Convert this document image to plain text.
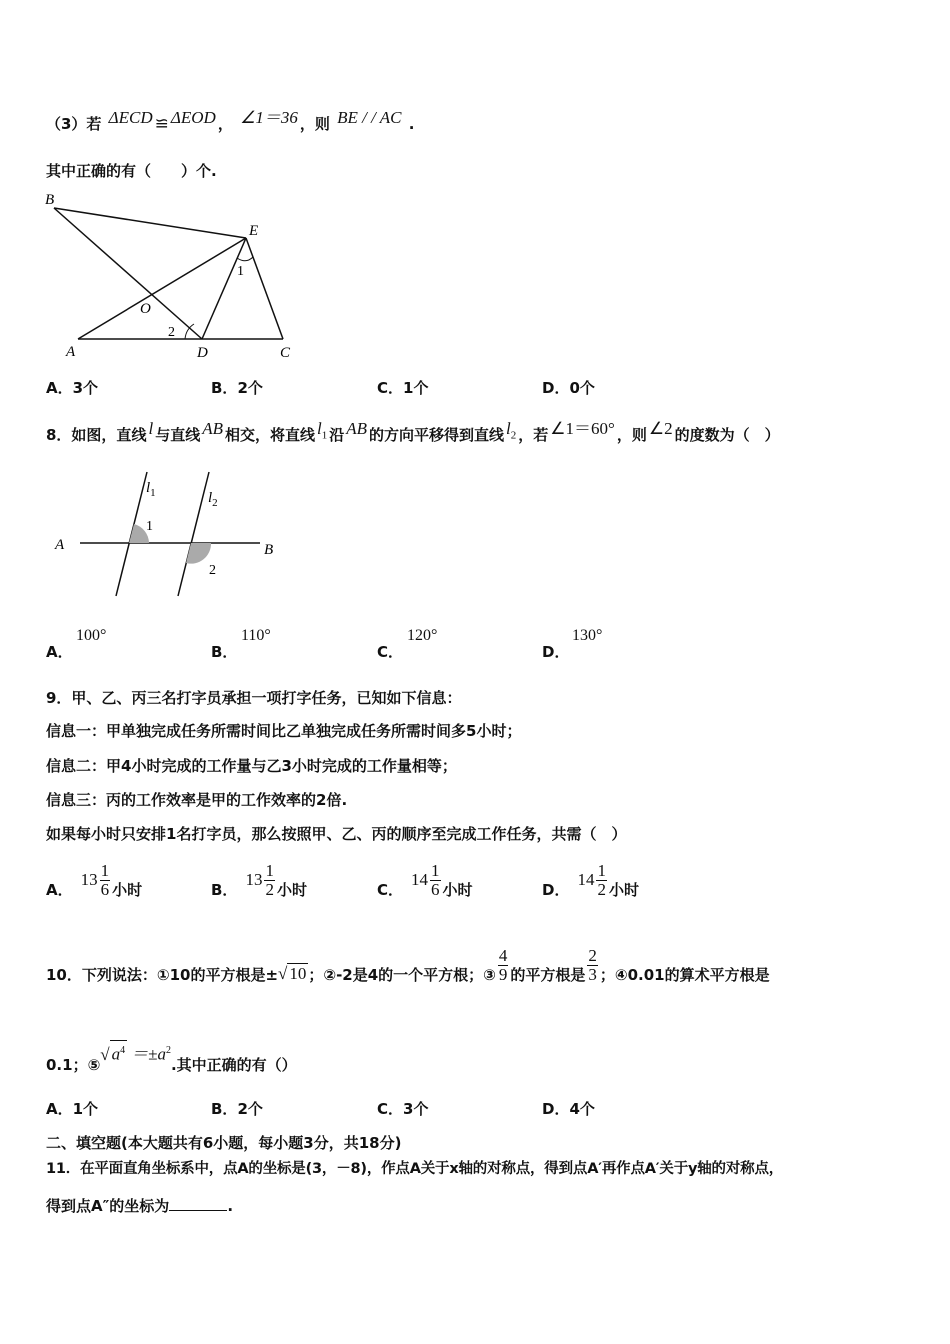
（3）若 ΔECD ≌ ΔEOD ， ∠1＝36 ，则 BE / / AC .
其中正确的有（　　）个.
B
E
O
A	D	C
1
2
A．3个	B．2个	C．1个	D．0个
8．如图，直线 l 与直线 AB 相交，将直线 $l_1$ 沿 AB 的方向平移得到直线 $l_2$ ，若 ∠1＝60° ，则 ∠2 的度数为（　）
$l_1$	$l_2$
1
2
A	B
A．
100°
B．
110°
C．
120°
D．
130°
9．甲、乙、丙三名打字员承担一项打字任务，已知如下信息：
信息一：甲单独完成任务所需时间比乙单独完成任务所需时间多5小时；
信息二：甲4小时完成的工作量与乙3小时完成的工作量相等；
信息三：丙的工作效率是甲的工作效率的2倍.
如果每小时只安排1名打字员，那么按照甲、乙、丙的顺序至完成工作任务，共需（　）
A．
$13 \frac{1}{6}$ 小时	B．
$13 \frac{1}{2}$ 小时	C．
$14 \frac{1}{6}$ 小时	D．
$14 \frac{1}{2}$ 小时
10．下列说法：①10的平方根是± √ 10 ；②-2是4的一个平方根；③ $\frac{4}{9}$ 的平方根是 $\frac{2}{3}$ ；④0.01的算术平方根是
0.1；⑤
√ $a^4 =\pm a^2$
.其中正确的有（）
A．1个	B．2个	C．3个	D．4个
二、填空题(本大题共有6小题，每小题3分，共18分)
11．在平面直角坐标系中，点A的坐标是(3，－8)，作点A关于x轴的对称点，得到点A′再作点A′关于y轴的对称点，
得到点A″的坐标为	.
